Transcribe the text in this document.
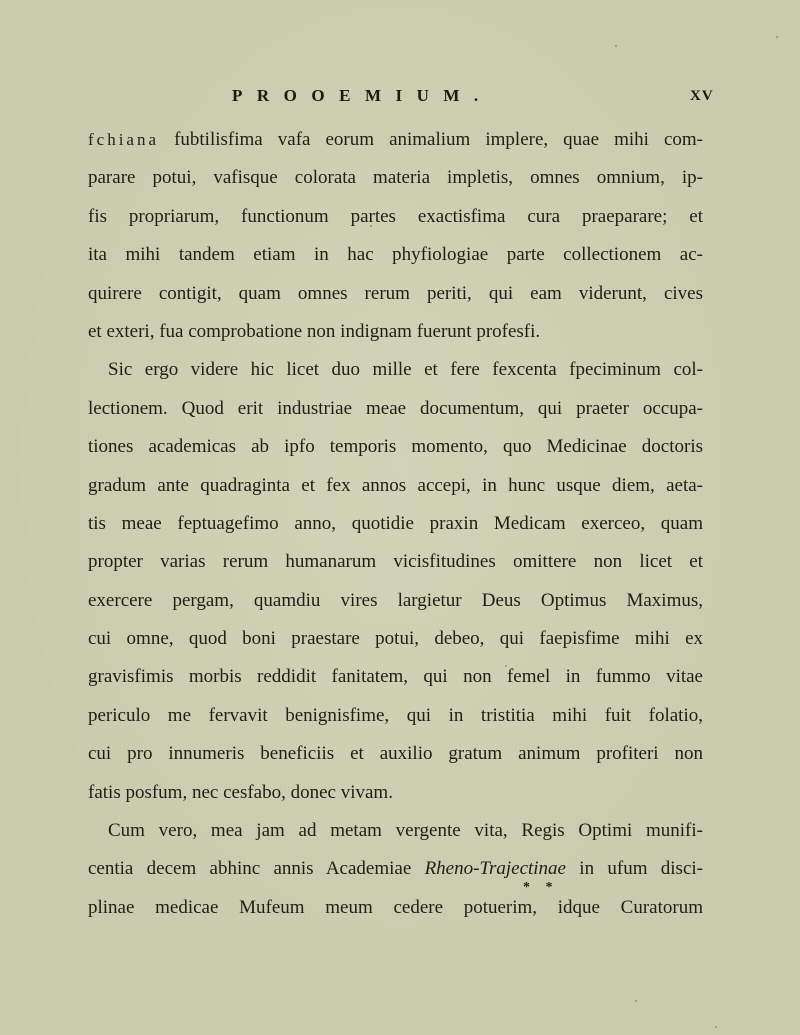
PROOEMIUM.	XV
fchiana fubtilisfima vafa eorum animalium implere, quae mihi com-
parare potui, vafisque colorata materia impletis, omnes omnium, ip-
fis propriarum, functionum partes exactisfima cura praeparare; et
ita mihi tandem etiam in hac phyfiologiae parte collectionem ac-
quirere contigit, quam omnes rerum periti, qui eam viderunt, cives
et exteri, fua comprobatione non indignam fuerunt profesfi.
Sic ergo videre hic licet duo mille et fere fexcenta fpeciminum col-
lectionem. Quod erit industriae meae documentum, qui praeter occupa-
tiones academicas ab ipfo temporis momento, quo Medicinae doctoris
gradum ante quadraginta et fex annos accepi, in hunc usque diem, aeta-
tis meae feptuagefimo anno, quotidie praxin Medicam exerceo, quam
propter varias rerum humanarum vicisfitudines omittere non licet et
exercere pergam, quamdiu vires largietur Deus Optimus Maximus,
cui omne, quod boni praestare potui, debeo, qui faepisfime mihi ex
gravisfimis morbis reddidit fanitatem, qui non femel in fummo vitae
periculo me fervavit benignisfime, qui in tristitia mihi fuit folatio,
cui pro innumeris beneficiis et auxilio gratum animum profiteri non
fatis posfum, nec cesfabo, donec vivam.
Cum vero, mea jam ad metam vergente vita, Regis Optimi munifi-
centia decem abhinc annis Academiae Rheno-Trajectinae in ufum disci-
plinae medicae Mufeum meum cedere potuerim, idque Curatorum
* *
